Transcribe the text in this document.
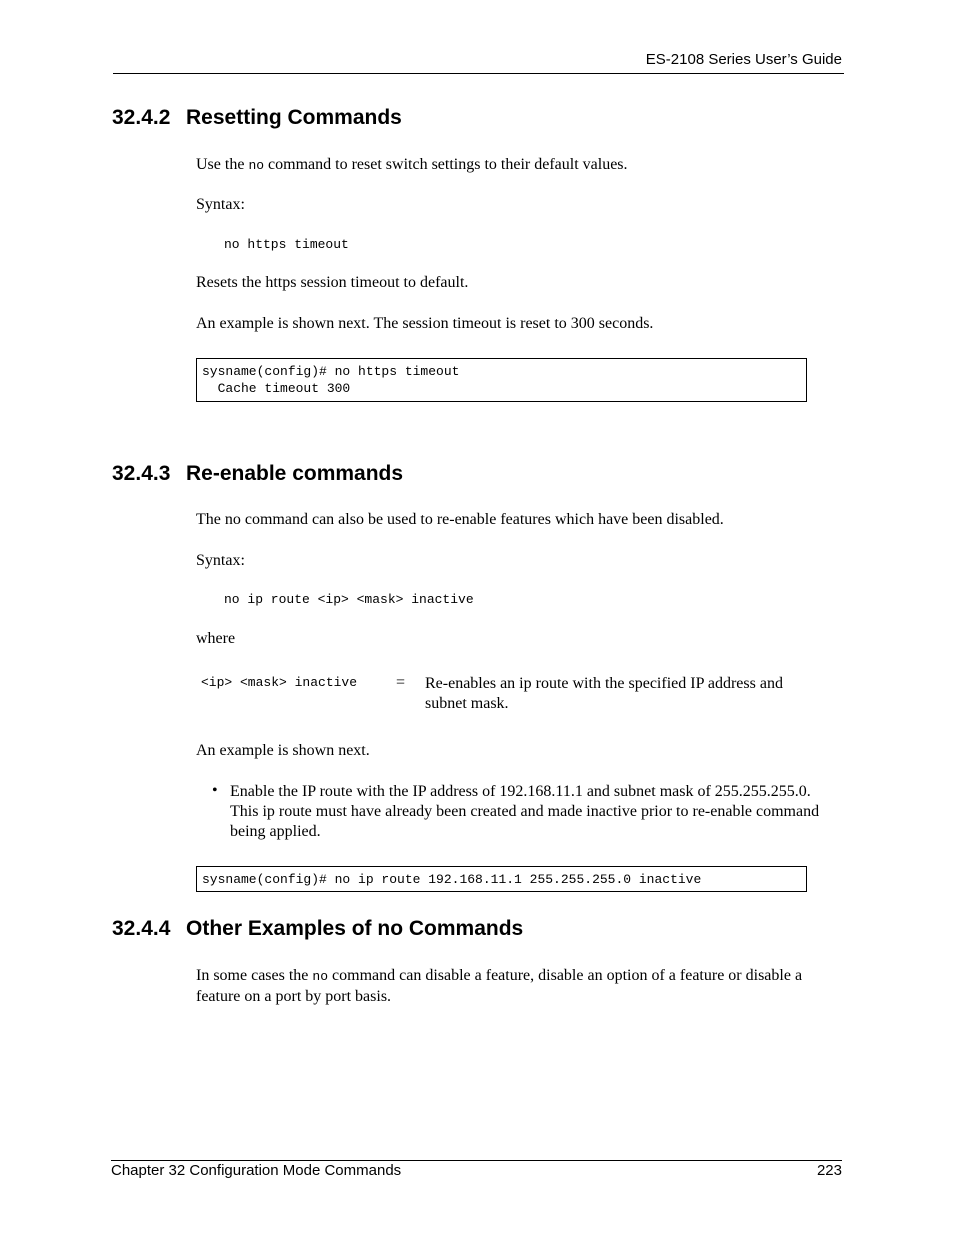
ES-2108 Series User’s Guide
32.4.2 Resetting Commands
Use the no command to reset switch settings to their default values.
Syntax:
no https timeout
Resets the https session timeout to default.
An example is shown next. The session timeout is reset to 300 seconds.
sysname(config)# no https timeout
Cache timeout 300
32.4.3 Re-enable commands
The no command can also be used to re-enable features which have been disabled.
Syntax:
no ip route <ip> <mask> inactive
where
<ip> <mask> inactive = Re-enables an ip route with the specified IP address and subnet mask.
An example is shown next.
• Enable the IP route with the IP address of 192.168.11.1 and subnet mask of 255.255.255.0. This ip route must have already been created and made inactive prior to re-enable command being applied.
sysname(config)# no ip route 192.168.11.1 255.255.255.0 inactive
32.4.4 Other Examples of no Commands
In some cases the no command can disable a feature, disable an option of a feature or disable a feature on a port by port basis.
Chapter 32 Configuration Mode Commands	223
